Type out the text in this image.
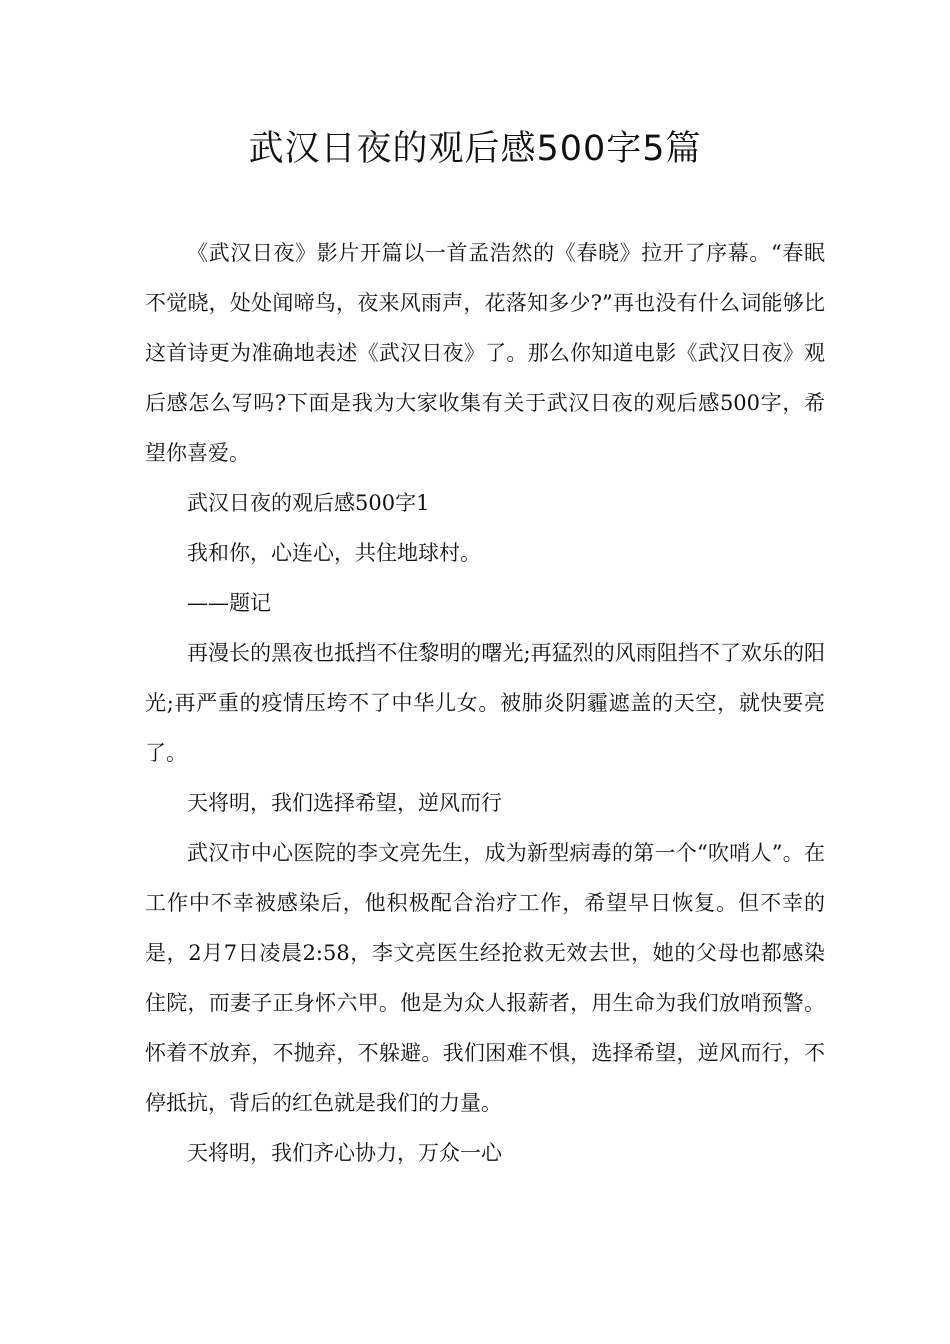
武汉日夜的观后感500字5篇

《武汉日夜》影片开篇以一首孟浩然的《春晓》拉开了序幕。“春眠不觉晓，处处闻啼鸟，夜来风雨声，花落知多少?”再也没有什么词能够比这首诗更为准确地表述《武汉日夜》了。那么你知道电影《武汉日夜》观后感怎么写吗?下面是我为大家收集有关于武汉日夜的观后感500字，希望你喜爱。

武汉日夜的观后感500字1

我和你，心连心，共住地球村。

——题记

再漫长的黑夜也抵挡不住黎明的曙光;再猛烈的风雨阻挡不了欢乐的阳光;再严重的疫情压垮不了中华儿女。被肺炎阴霾遮盖的天空，就快要亮了。

天将明，我们选择希望，逆风而行

武汉市中心医院的李文亮先生，成为新型病毒的第一个“吹哨人”。在工作中不幸被感染后，他积极配合治疗工作，希望早日恢复。但不幸的是，2月7日凌晨2:58，李文亮医生经抢救无效去世，她的父母也都感染住院，而妻子正身怀六甲。他是为众人报薪者，用生命为我们放哨预警。怀着不放弃，不抛弃，不躲避。我们困难不惧，选择希望，逆风而行，不停抵抗，背后的红色就是我们的力量。

天将明，我们齐心协力，万众一心
